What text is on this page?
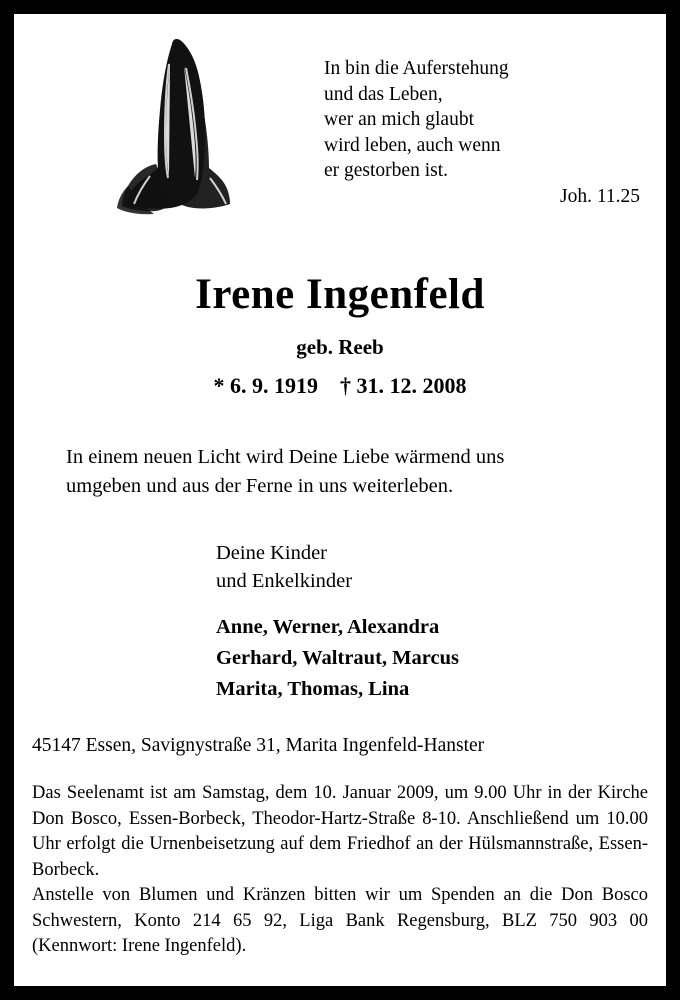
In bin die Auferstehung
und das Leben,
wer an mich glaubt
wird leben, auch wenn
er gestorben ist.
Joh. 11.25
Irene Ingenfeld
geb. Reeb
* 6. 9. 1919 † 31. 12. 2008
In einem neuen Licht wird Deine Liebe wärmend uns
umgeben und aus der Ferne in uns weiterleben.
Deine Kinder
und Enkelkinder
Anne, Werner, Alexandra
Gerhard, Waltraut, Marcus
Marita, Thomas, Lina
45147 Essen, Savignystraße 31, Marita Ingenfeld-Hanster

Das Seelenamt ist am Samstag, dem 10. Januar 2009, um 9.00 Uhr in der Kirche Don Bosco, Essen-Borbeck, Theodor-Hartz-Straße 8-10. Anschließend um 10.00 Uhr erfolgt die Urnenbeisetzung auf dem Friedhof an der Hülsmannstraße, Essen-Borbeck.

Anstelle von Blumen und Kränzen bitten wir um Spenden an die Don Bosco Schwestern, Konto 214 65 92, Liga Bank Regensburg, BLZ 750 903 00 (Kennwort: Irene Ingenfeld).
